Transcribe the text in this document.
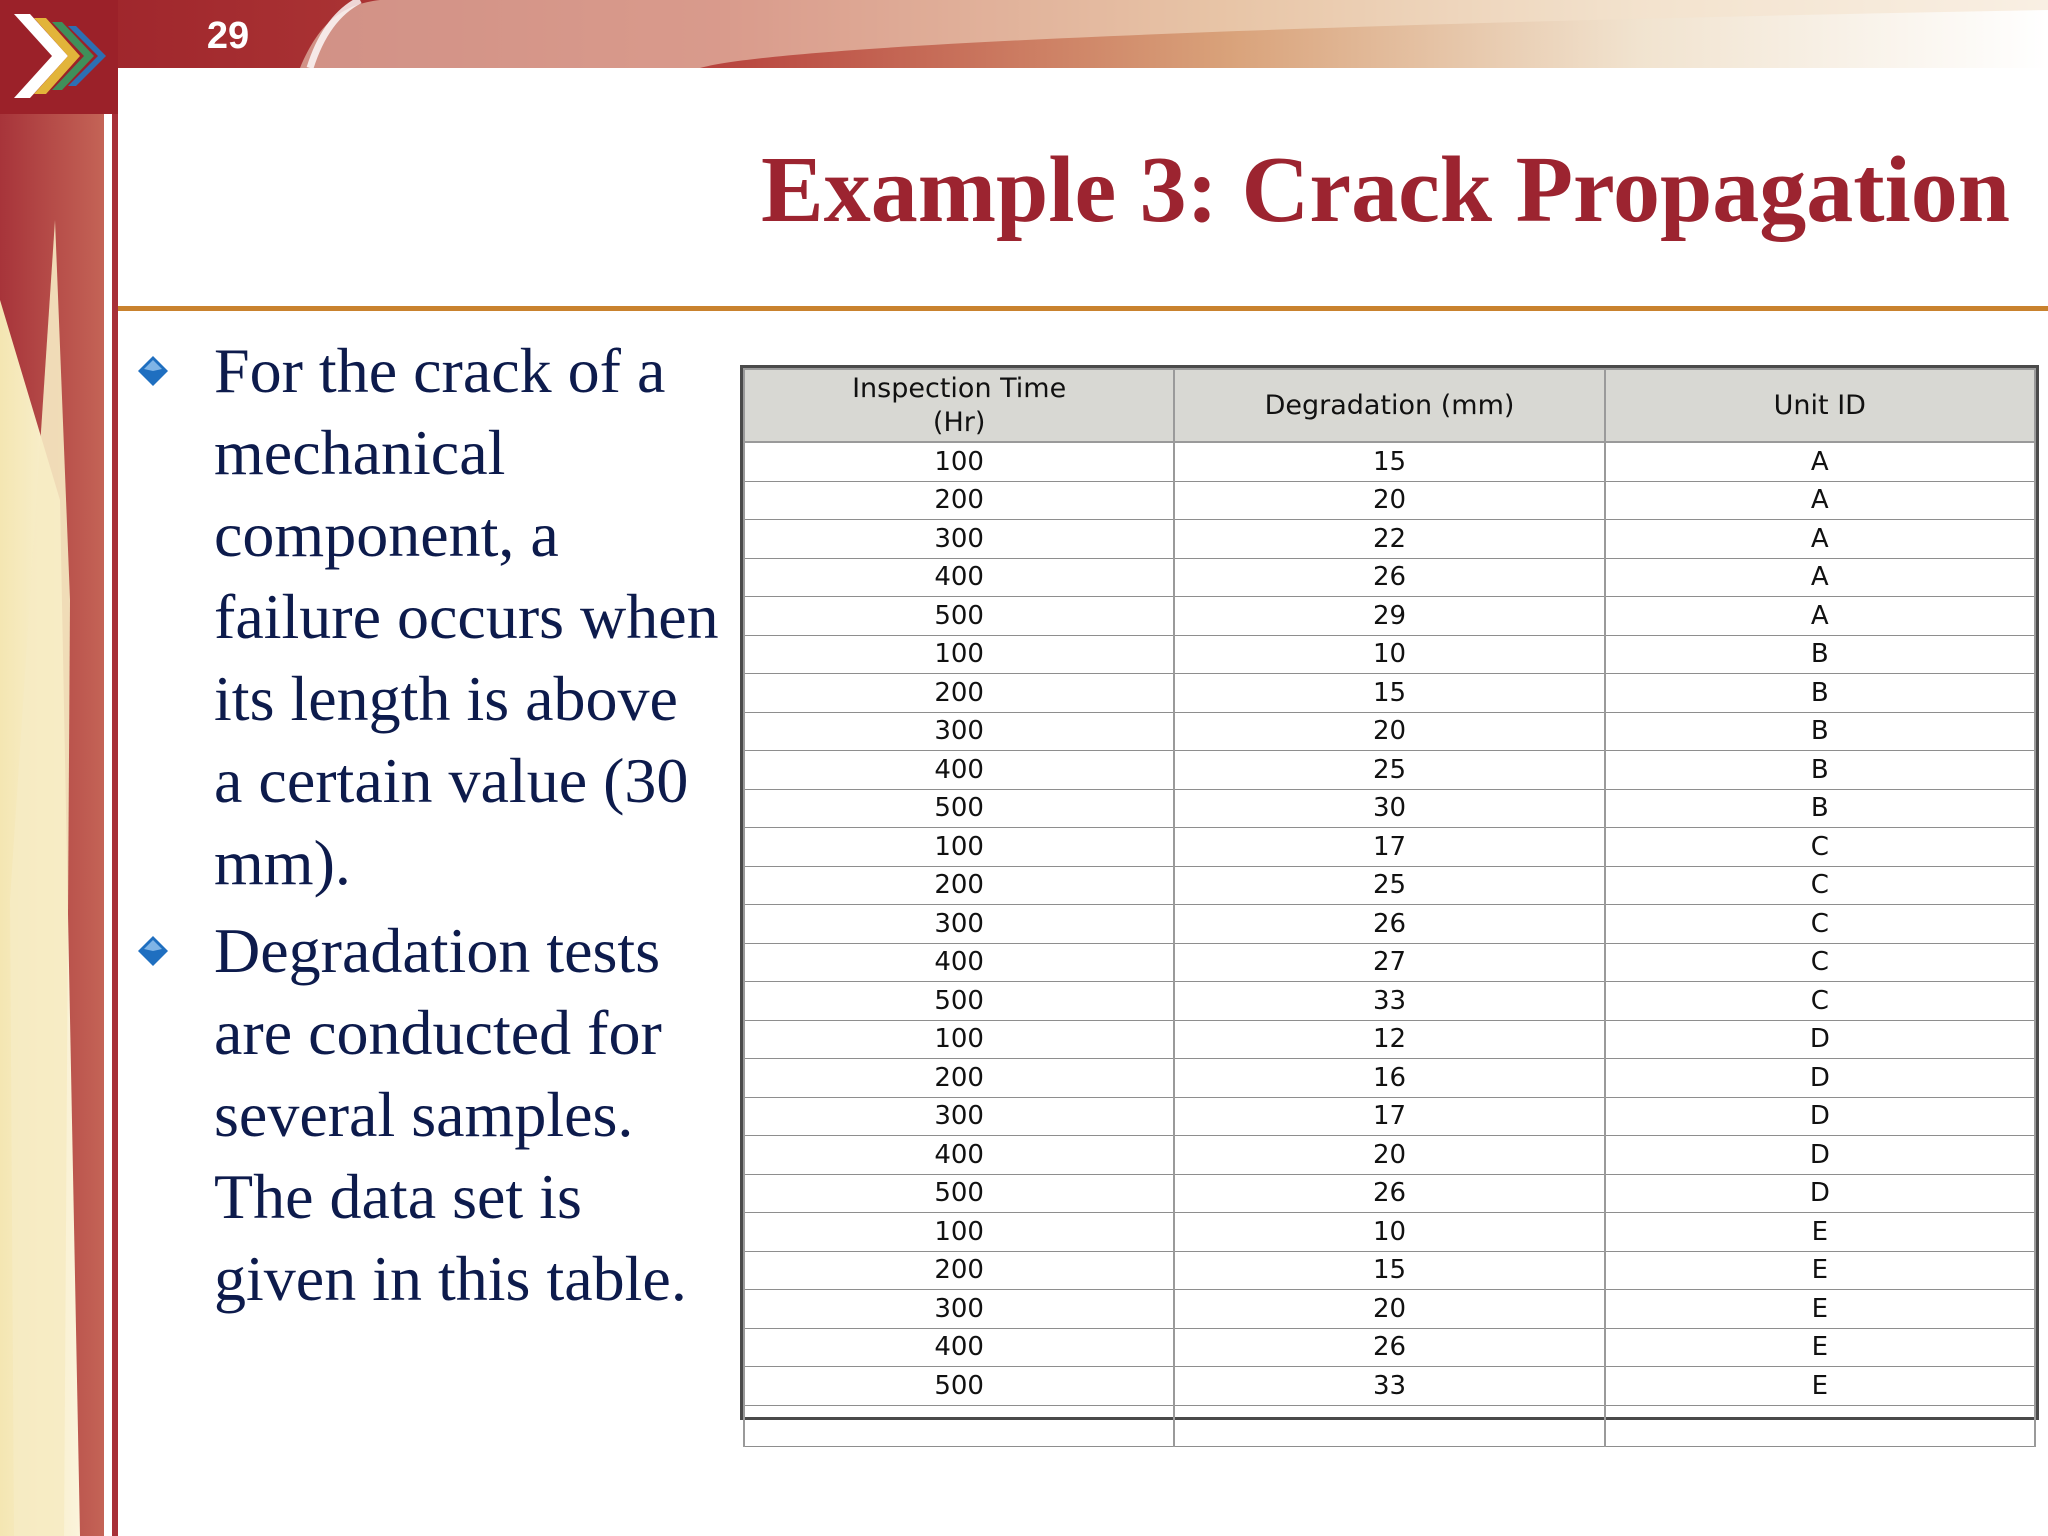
29
Example 3: Crack Propagation
For the crack of a mechanical component, a failure occurs when its length is above a certain value (30 mm).
Degradation tests are conducted for several samples. The data set is given in this table.
Inspection Time (Hr)	Degradation (mm)	Unit ID
100	15	A
200	20	A
300	22	A
400	26	A
500	29	A
100	10	B
200	15	B
300	20	B
400	25	B
500	30	B
100	17	C
200	25	C
300	26	C
400	27	C
500	33	C
100	12	D
200	16	D
300	17	D
400	20	D
500	26	D
100	10	E
200	15	E
300	20	E
400	26	E
500	33	E
